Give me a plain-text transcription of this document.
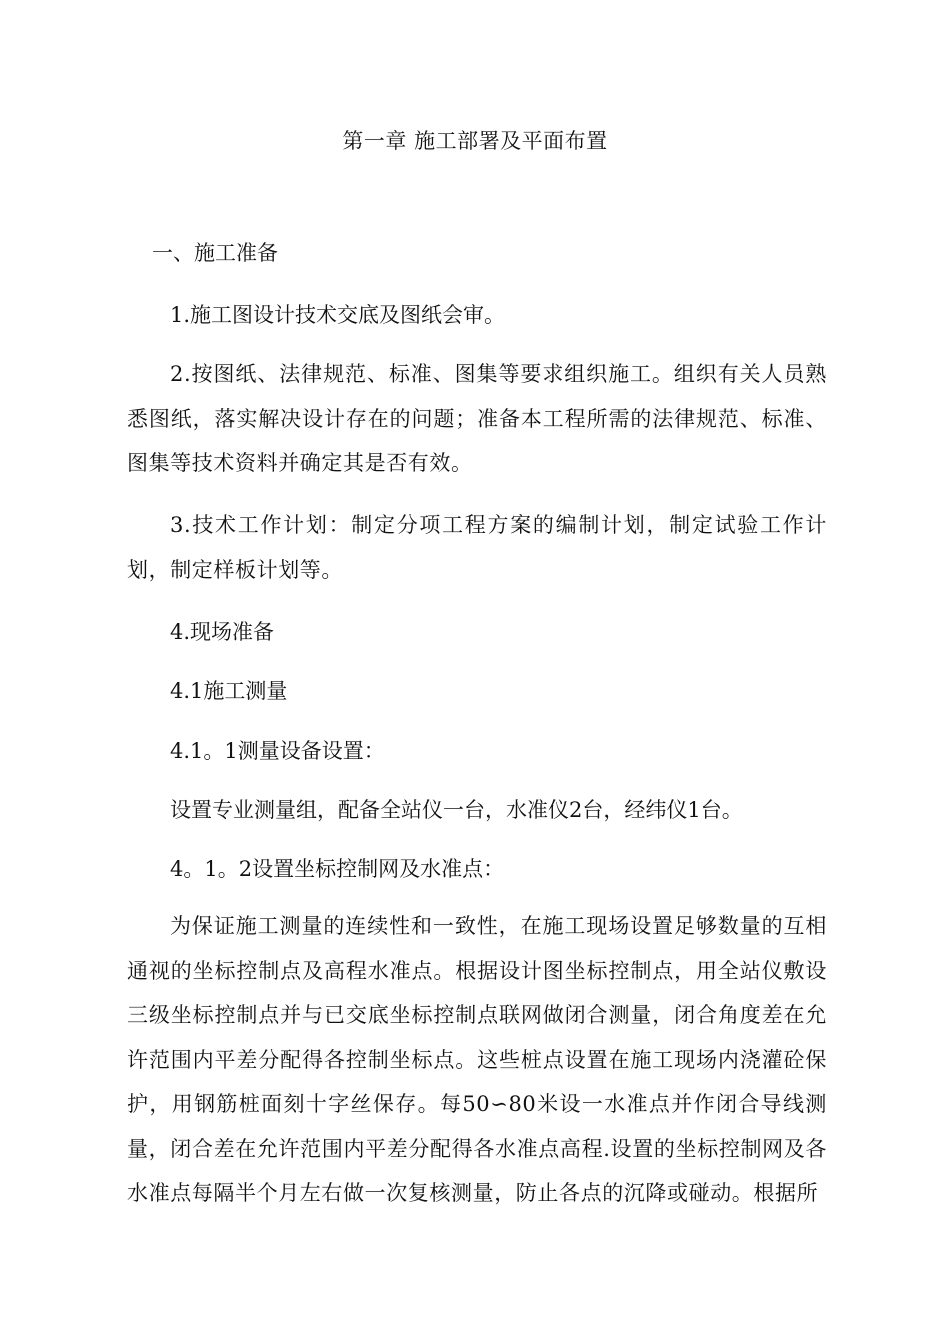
第一章 施工部署及平面布置
一、施工准备
1.施工图设计技术交底及图纸会审。
2.按图纸、法律规范、标准、图集等要求组织施工。组织有关人员熟悉图纸，落实解决设计存在的问题；准备本工程所需的法律规范、标准、图集等技术资料并确定其是否有效。
3.技术工作计划：制定分项工程方案的编制计划，制定试验工作计划，制定样板计划等。
4.现场准备
4.1施工测量
4.1。1测量设备设置：
设置专业测量组，配备全站仪一台，水准仪2台，经纬仪1台。
4。1。2设置坐标控制网及水准点：
为保证施工测量的连续性和一致性，在施工现场设置足够数量的互相通视的坐标控制点及高程水准点。根据设计图坐标控制点，用全站仪敷设三级坐标控制点并与已交底坐标控制点联网做闭合测量，闭合角度差在允许范围内平差分配得各控制坐标点。这些桩点设置在施工现场内浇灌砼保护，用钢筋桩面刻十字丝保存。每50∽80米设一水准点并作闭合导线测量，闭合差在允许范围内平差分配得各水准点高程.设置的坐标控制网及各水准点每隔半个月左右做一次复核测量，防止各点的沉降或碰动。根据所
